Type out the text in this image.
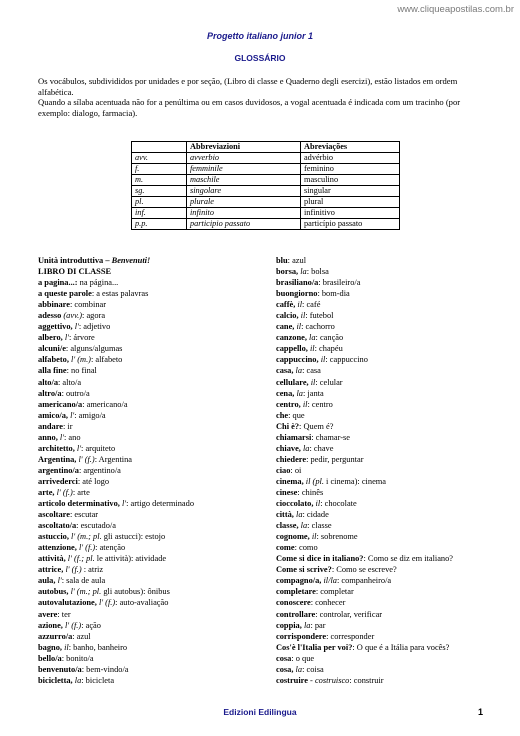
www.cliqueapostilas.com.br
Progetto italiano junior 1
GLOSSÁRIO

Os vocábulos, subdivididos por unidades e por seção, (Libro di classe e Quaderno degli esercizi), estão listados em ordem alfabética.

Quando a sílaba acentuada não for a penúltima ou em casos duvidosos, a vogal acentuada é indicada com um tracinho (por exemplo: dialogo, farmacia).

	Abbreviazioni	Abreviações
avv.	avverbio	advérbio
f.	femminile	feminino
m.	maschile	masculino
sg.	singolare	singular
pl.	plurale	plural
inf.	infinito	infinitivo
p.p.	participio passato	particípio passato
Unità introduttiva – Benvenuti!
LIBRO DI CLASSE
a pagina...: na página...
a queste parole: a estas palavras
abbinare: combinar
adesso (avv.): agora
aggettivo, l': adjetivo
albero, l': árvore
alcuni/e: alguns/algumas
alfabeto, l' (m.): alfabeto
alla fine: no final
alto/a: alto/a
altro/a: outro/a
americano/a: americano/a
amico/a, l': amigo/a
andare: ir
anno, l': ano
architetto, l': arquiteto
Argentina, l' (f.): Argentina
argentino/a: argentino/a
arrivederci: até logo
arte, l' (f.): arte
articolo determinativo, l': artigo determinado
ascoltare: escutar
ascoltato/a: escutado/a
astuccio, l' (m.; pl. gli astucci): estojo
attenzione, l' (f.): atenção
attività, l' (f.; pl. le attività): atividade
attrice, l' (f.) : atriz
aula, l': sala de aula
autobus, l' (m.; pl. gli autobus): ônibus
autovalutazione, l' (f.): auto-avaliação
avere: ter
azione, l' (f.): ação
azzurro/a: azul
bagno, il: banho, banheiro
bello/a: bonito/a
benvenuto/a: bem-vindo/a
bicicletta, la: bicicleta
blu: azul
borsa, la: bolsa
brasiliano/a: brasileiro/a
buongiorno: bom-dia
caffè, il: café
calcio, il: futebol
cane, il: cachorro
canzone, la: canção
cappello, il: chapéu
cappuccino, il: cappuccino
casa, la: casa
cellulare, il: celular
cena, la: janta
centro, il: centro
che: que
Chi è?: Quem é?
chiamarsi: chamar-se
chiave, la: chave
chiedere: pedir, perguntar
ciao: oi
cinema, il (pl. i cinema): cinema
cinese: chinês
cioccolato, il: chocolate
città, la: cidade
classe, la: classe
cognome, il: sobrenome
come: como
Come si dice in italiano?: Como se diz em italiano?
Come si scrive?: Como se escreve?
compagno/a, il/la: companheiro/a
completare: completar
conoscere: conhecer
controllare: controlar, verificar
coppia, la: par
corrispondere: corresponder
Cos'è l'Italia per voi?: O que é a Itália para vocês?
cosa: o que
cosa, la: coisa
costruire - costruisco: construir
Edizioni Edilingua	1
